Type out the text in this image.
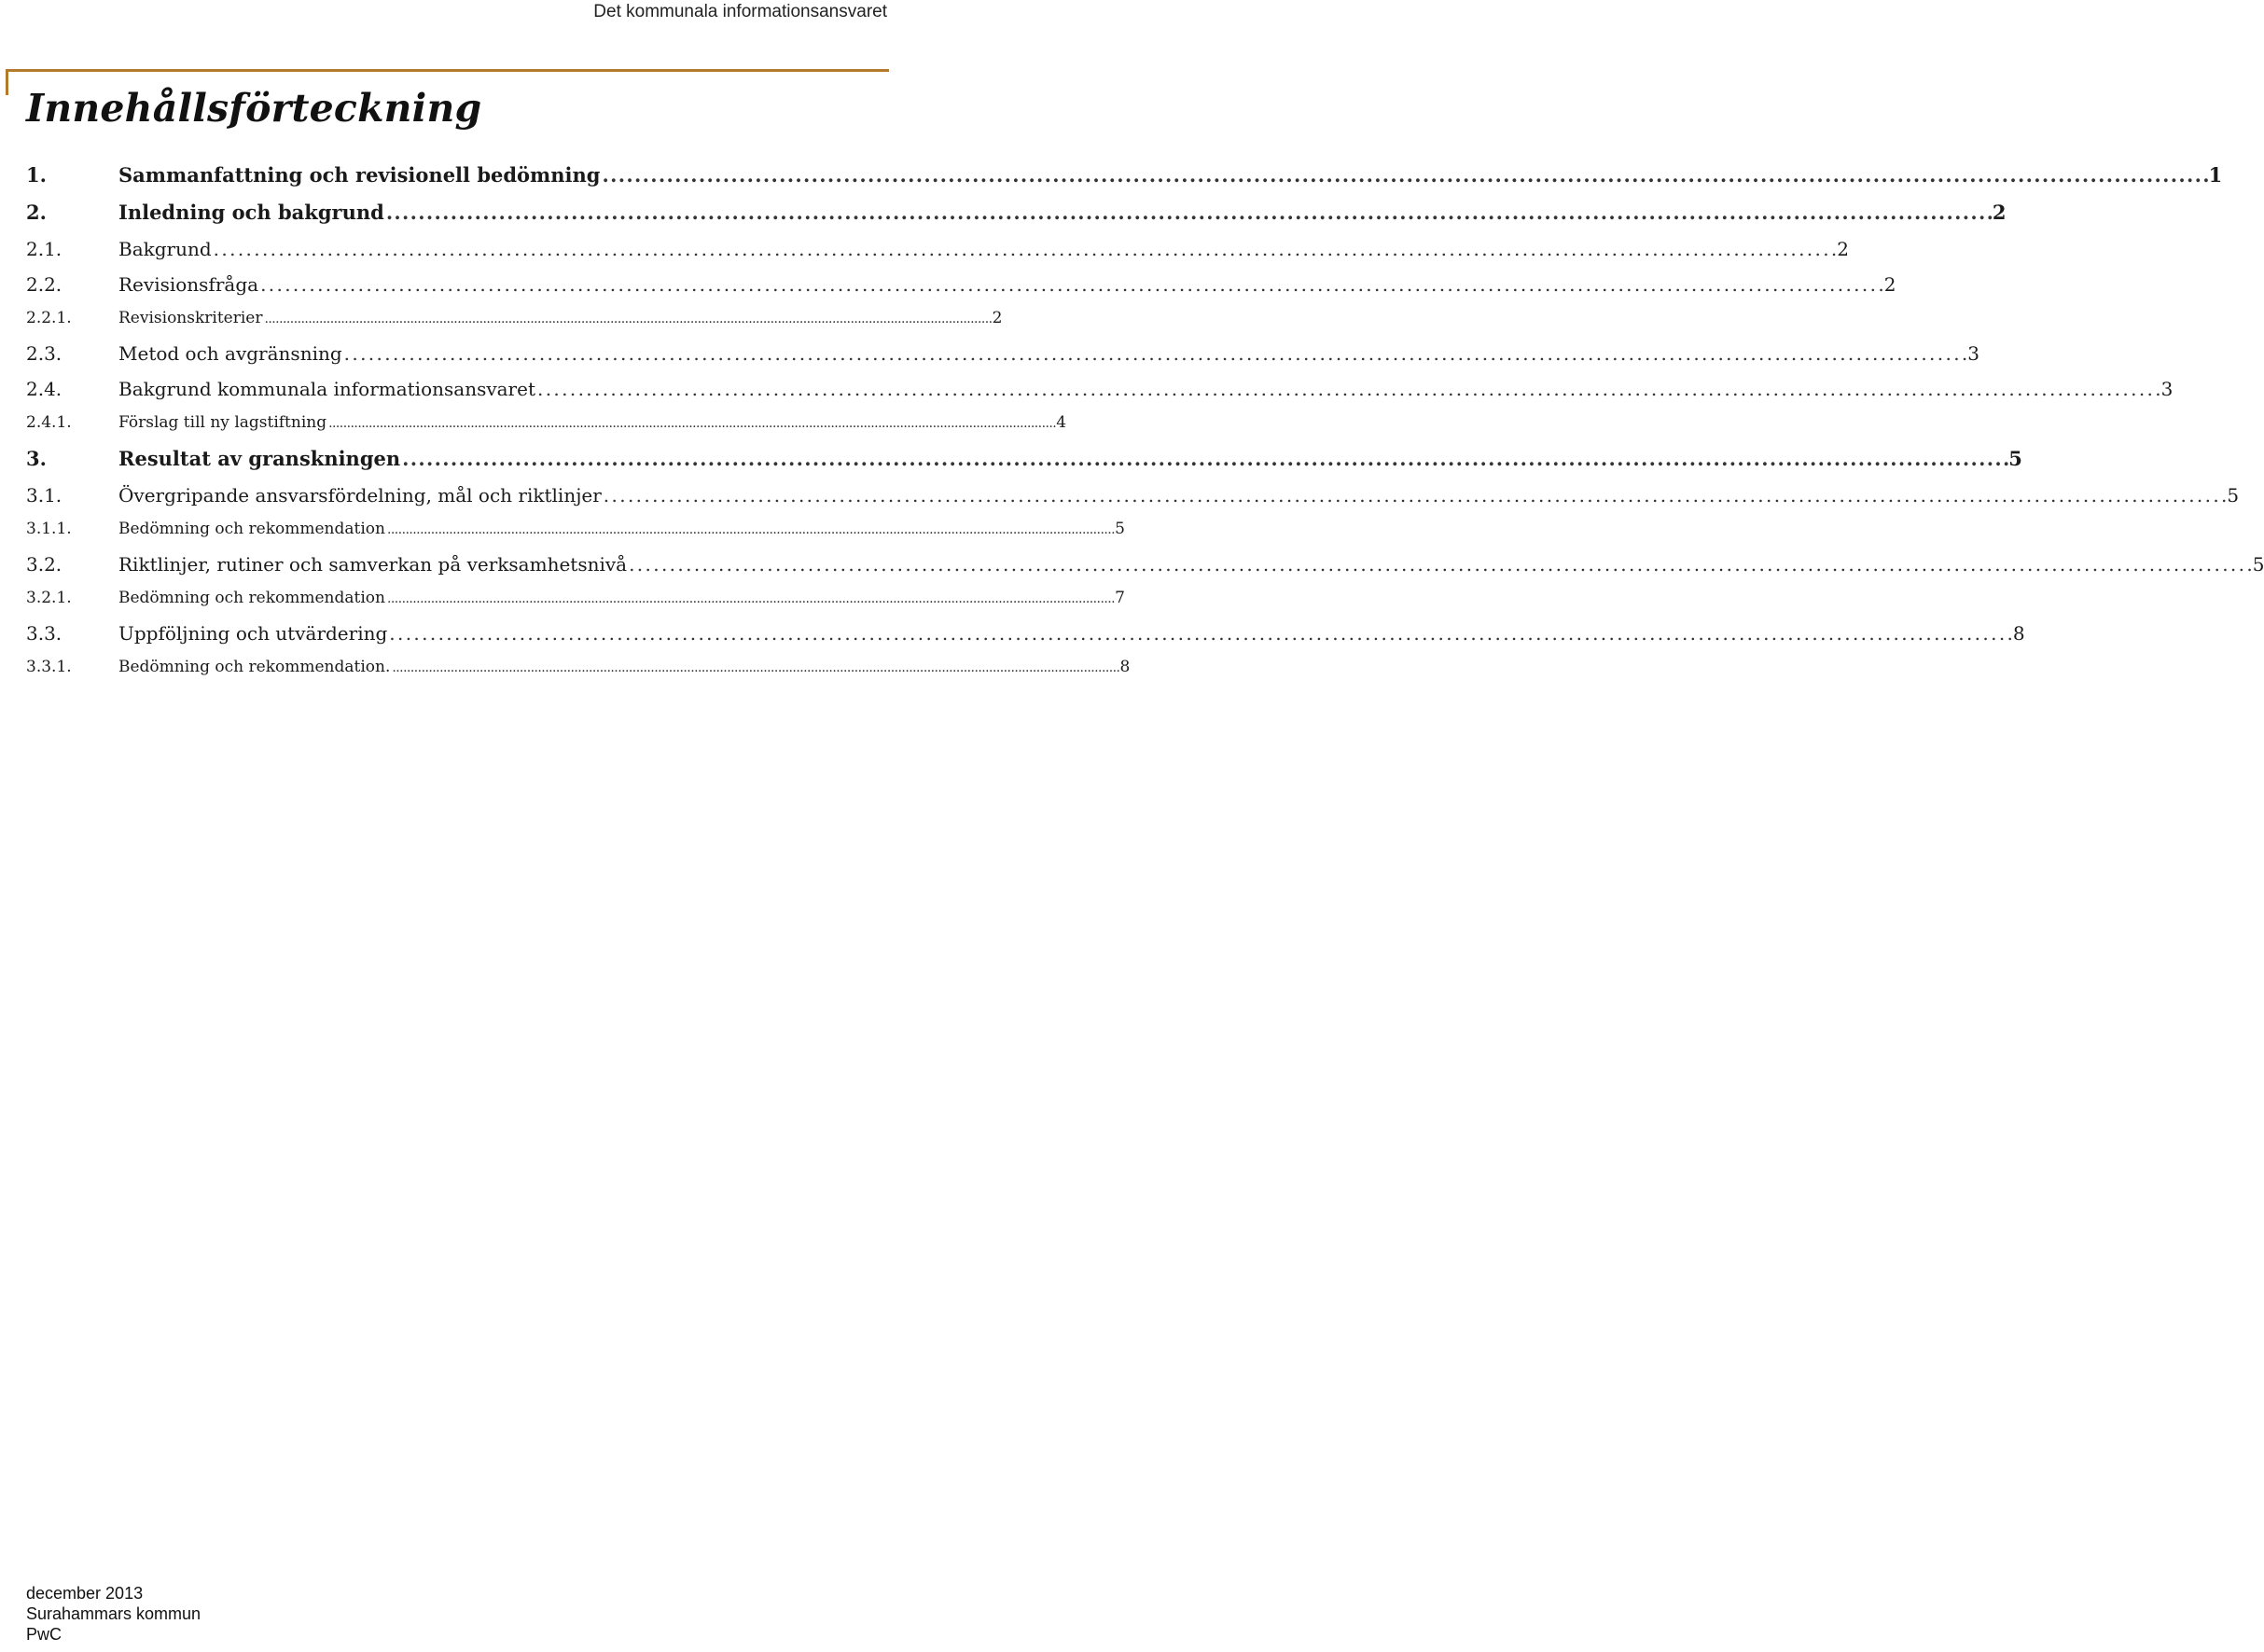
Det kommunala informationsansvaret
Innehållsförteckning
1.	Sammanfattning och revisionell bedömning . . .	1
2.	Inledning och bakgrund . . .	2
2.1.	Bakgrund . . .	2
2.2.	Revisionsfråga . . .	2
2.2.1.	Revisionskriterier . . .	2
2.3.	Metod och avgränsning . . .	3
2.4.	Bakgrund kommunala informationsansvaret . . .	3
2.4.1.	Förslag till ny lagstiftning . . .	4
3.	Resultat av granskningen . . .	5
3.1.	Övergripande ansvarsfördelning, mål och riktlinjer . . .	5
3.1.1.	Bedömning och rekommendation . . .	5
3.2.	Riktlinjer, rutiner och samverkan på verksamhetsnivå . . .	5
3.2.1.	Bedömning och rekommendation . . .	7
3.3.	Uppföljning och utvärdering . . .	8
3.3.1.	Bedömning och rekommendation. . . .	8
december 2013
Surahammars kommun
PwC
